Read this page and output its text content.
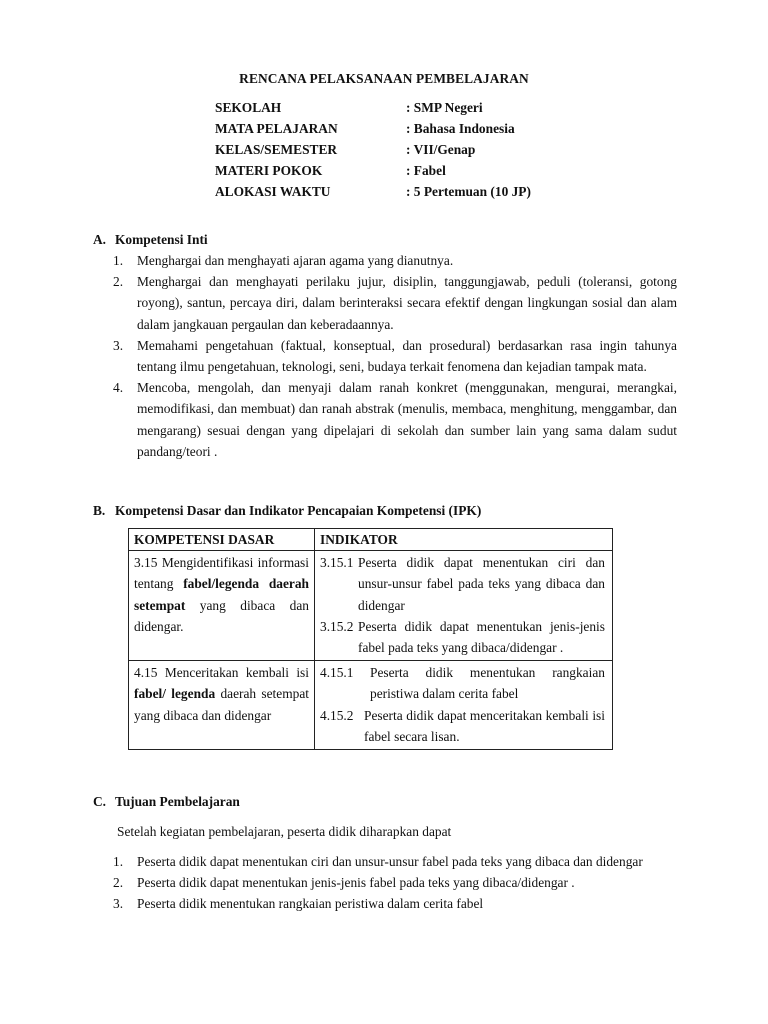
RENCANA PELAKSANAAN PEMBELAJARAN
SEKOLAH	: SMP Negeri
MATA PELAJARAN	: Bahasa Indonesia
KELAS/SEMESTER	: VII/Genap
MATERI POKOK	: Fabel
ALOKASI WAKTU	: 5 Pertemuan (10 JP)
A. Kompetensi Inti
1.	Menghargai dan menghayati ajaran agama yang dianutnya.
2.	Menghargai dan menghayati perilaku jujur, disiplin, tanggungjawab, peduli (toleransi, gotong royong), santun, percaya diri, dalam berinteraksi secara efektif dengan lingkungan sosial dan alam dalam jangkauan pergaulan dan keberadaannya.
3.	Memahami pengetahuan (faktual, konseptual, dan prosedural) berdasarkan rasa ingin tahunya tentang ilmu pengetahuan, teknologi, seni, budaya terkait fenomena dan kejadian tampak mata.
4.	Mencoba, mengolah, dan menyaji dalam ranah konkret (menggunakan, mengurai, merangkai, memodifikasi, dan membuat) dan ranah abstrak (menulis, membaca, menghitung, menggambar, dan mengarang) sesuai dengan yang dipelajari di sekolah dan sumber lain yang sama dalam sudut pandang/teori .
B. Kompetensi Dasar dan Indikator Pencapaian Kompetensi (IPK)
KOMPETENSI DASAR	INDIKATOR
3.15 Mengidentifikasi informasi tentang fabel/legenda daerah setempat yang dibaca dan didengar.	3.15.1 Peserta didik dapat menentukan ciri dan unsur-unsur fabel pada teks yang dibaca dan didengar
3.15.2 Peserta didik dapat menentukan jenis-jenis fabel pada teks yang dibaca/didengar .

4.15 Menceritakan kembali isi fabel/ legenda daerah setempat yang dibaca dan didengar	4.15.1 Peserta didik menentukan rangkaian peristiwa dalam cerita fabel
4.15.2 Peserta didik dapat menceritakan kembali isi fabel secara lisan.
C. Tujuan Pembelajaran
Setelah kegiatan pembelajaran, peserta didik diharapkan dapat
1.	Peserta didik dapat menentukan ciri dan unsur-unsur fabel pada teks yang dibaca dan didengar
2.	Peserta didik dapat menentukan jenis-jenis fabel pada teks yang dibaca/didengar .
3.	Peserta didik menentukan rangkaian peristiwa dalam cerita fabel
